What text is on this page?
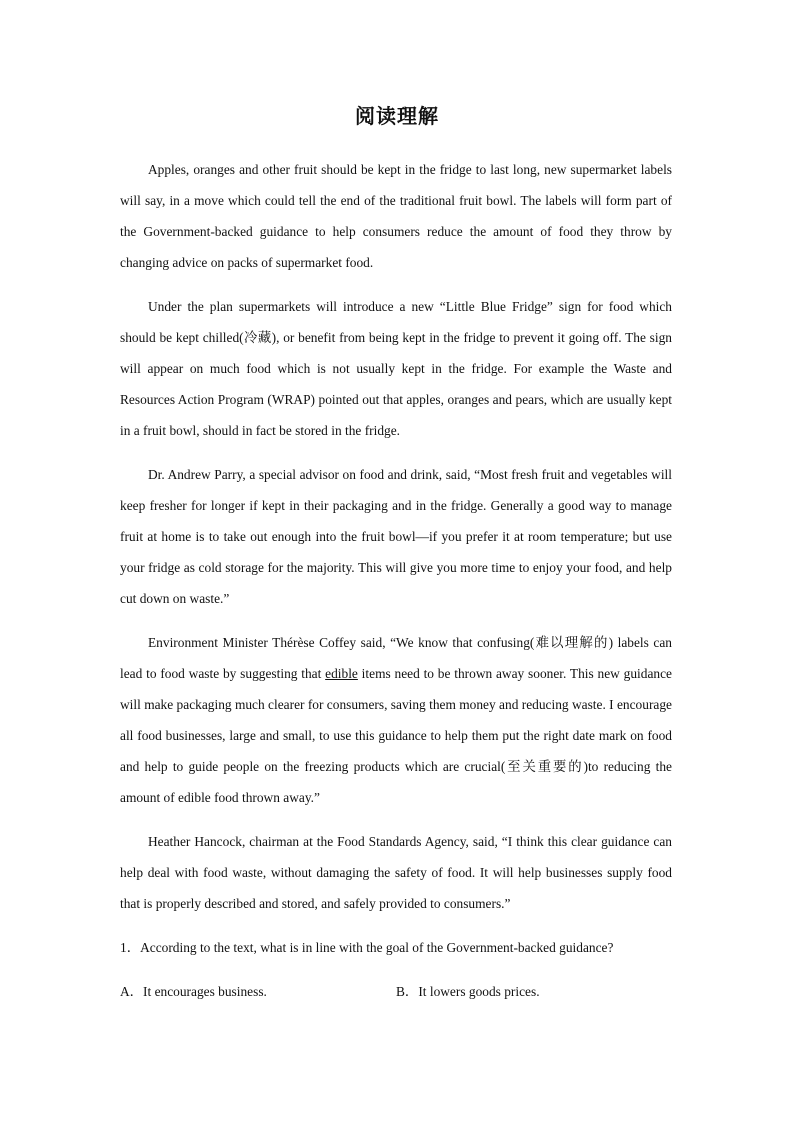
阅读理解

Apples, oranges and other fruit should be kept in the fridge to last long, new supermarket labels will say, in a move which could tell the end of the traditional fruit bowl. The labels will form part of the Government-backed guidance to help consumers reduce the amount of food they throw by changing advice on packs of supermarket food.

Under the plan supermarkets will introduce a new “Little Blue Fridge” sign for food which should be kept chilled(冷藏), or benefit from being kept in the fridge to prevent it going off. The sign will appear on much food which is not usually kept in the fridge. For example the Waste and Resources Action Program (WRAP) pointed out that apples, oranges and pears, which are usually kept in a fruit bowl, should in fact be stored in the fridge.

Dr. Andrew Parry, a special advisor on food and drink, said, “Most fresh fruit and vegetables will keep fresher for longer if kept in their packaging and in the fridge. Generally a good way to manage fruit at home is to take out enough into the fruit bowl—if you prefer it at room temperature; but use your fridge as cold storage for the majority. This will give you more time to enjoy your food, and help cut down on waste.”

Environment Minister Thérèse Coffey said, “We know that confusing(难以理解的) labels can lead to food waste by suggesting that edible items need to be thrown away sooner. This new guidance will make packaging much clearer for consumers, saving them money and reducing waste. I encourage all food businesses, large and small, to use this guidance to help them put the right date mark on food and help to guide people on the freezing products which are crucial(至关重要的)to reducing the amount of edible food thrown away.”

Heather Hancock, chairman at the Food Standards Agency, said, “I think this clear guidance can help deal with food waste, without damaging the safety of food. It will help businesses supply food that is properly described and stored, and safely provided to consumers.”

1．According to the text, what is in line with the goal of the Government-backed guidance?

A．It encourages business.	B．It lowers goods prices.
